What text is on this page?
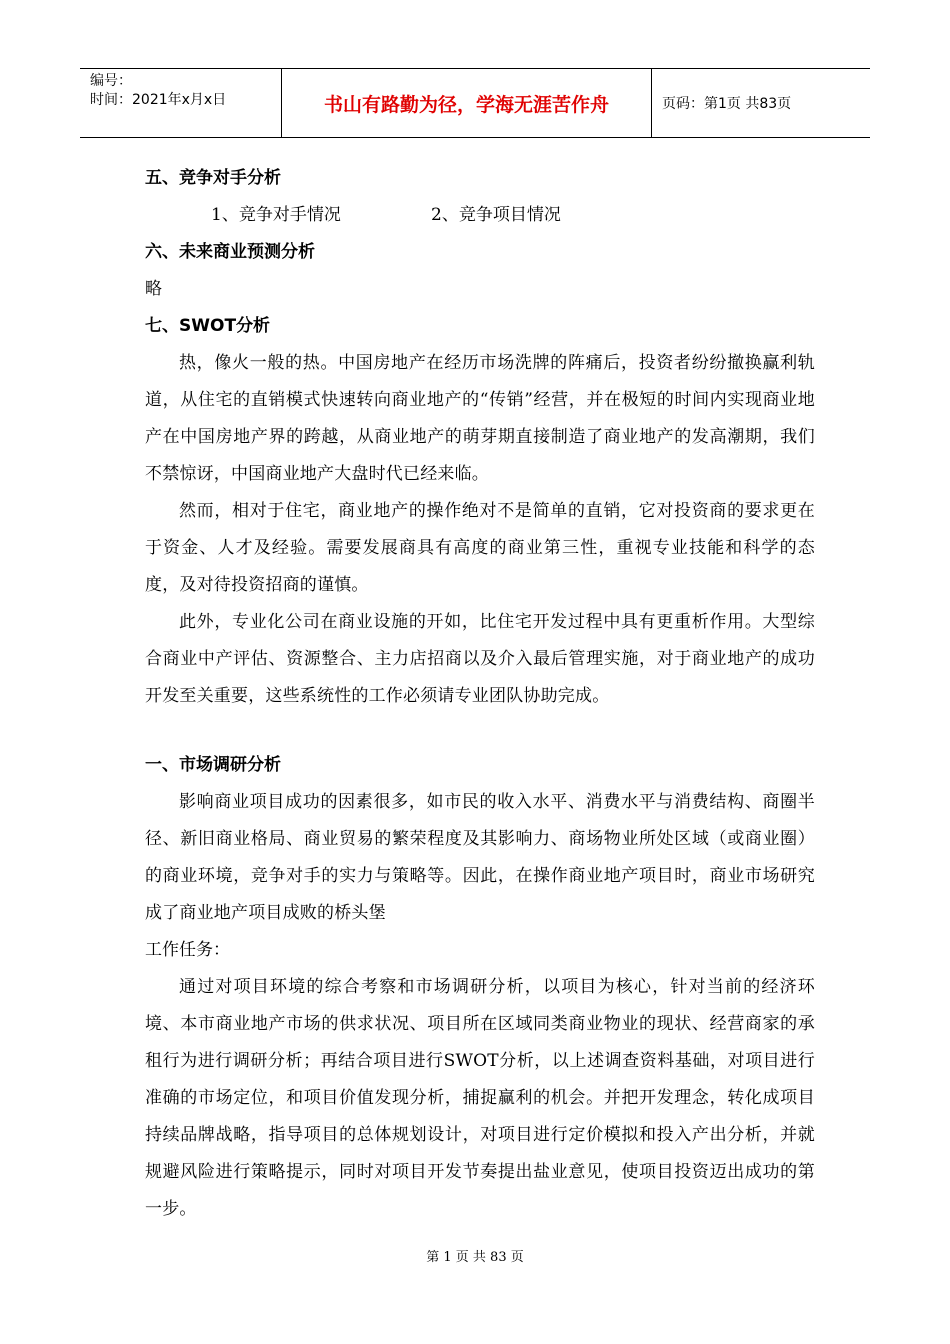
编号：
时间：2021年x月x日	书山有路勤为径，学海无涯苦作舟	页码：第1页 共83页
五、竞争对手分析
1、竞争对手情况	2、竞争项目情况
六、未来商业预测分析
略
七、SWOT分析
热，像火一般的热。中国房地产在经历市场洗牌的阵痛后，投资者纷纷撤换赢利轨道，从住宅的直销模式快速转向商业地产的“传销”经营，并在极短的时间内实现商业地产在中国房地产界的跨越，从商业地产的萌芽期直接制造了商业地产的发高潮期，我们不禁惊讶，中国商业地产大盘时代已经来临。
然而，相对于住宅，商业地产的操作绝对不是简单的直销，它对投资商的要求更在于资金、人才及经验。需要发展商具有高度的商业第三性，重视专业技能和科学的态度，及对待投资招商的谨慎。
此外，专业化公司在商业设施的开如，比住宅开发过程中具有更重析作用。大型综合商业中产评估、资源整合、主力店招商以及介入最后管理实施，对于商业地产的成功开发至关重要，这些系统性的工作必须请专业团队协助完成。
一、市场调研分析
影响商业项目成功的因素很多，如市民的收入水平、消费水平与消费结构、商圈半径、新旧商业格局、商业贸易的繁荣程度及其影响力、商场物业所处区域（或商业圈）的商业环境，竞争对手的实力与策略等。因此，在操作商业地产项目时，商业市场研究成了商业地产项目成败的桥头堡
工作任务：
通过对项目环境的综合考察和市场调研分析，以项目为核心，针对当前的经济环境、本市商业地产市场的供求状况、项目所在区域同类商业物业的现状、经营商家的承租行为进行调研分析；再结合项目进行SWOT分析，以上述调查资料基础，对项目进行准确的市场定位，和项目价值发现分析，捕捉赢利的机会。并把开发理念，转化成项目持续品牌战略，指导项目的总体规划设计，对项目进行定价模拟和投入产出分析，并就规避风险进行策略提示，同时对项目开发节奏提出盐业意见，使项目投资迈出成功的第一步。
第 1 页 共 83 页
